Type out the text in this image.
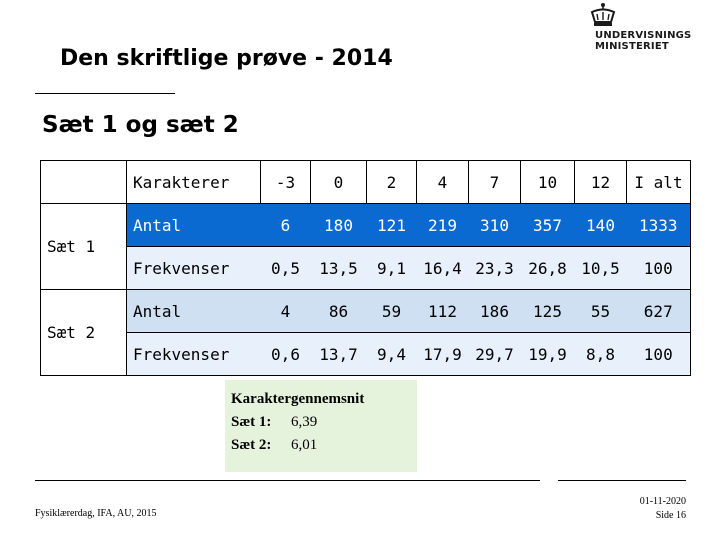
UNDERVISNINGS
MINISTERIET
Den skriftlige prøve - 2014
Sæt 1 og sæt 2
	Karakterer	-3	0	2	4	7	10	12	I alt
Sæt 1	Antal	6	180	121	219	310	357	140	1333
	Frekvenser	0,5	13,5	9,1	16,4	23,3	26,8	10,5	100
Sæt 2	Antal	4	86	59	112	186	125	55	627
	Frekvenser	0,6	13,7	9,4	17,9	29,7	19,9	8,8	100
Karaktergennemsnit
Sæt 1: 6,39
Sæt 2: 6,01
Fysiklærerdag, IFA, AU, 2015
01-11-2020
Side 16
